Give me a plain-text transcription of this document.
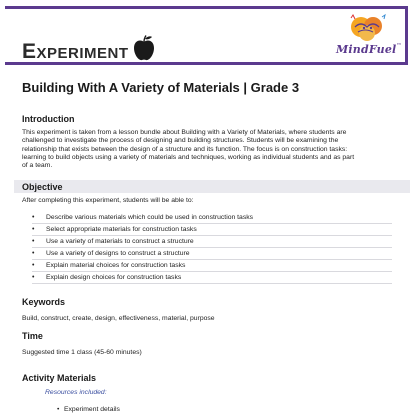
EXPERIMENT	MindFuel™
Building With A Variety of Materials | Grade 3
Introduction
This experiment is taken from a lesson bundle about Building with a Variety of Materials, where students are
challenged to investigate the process of designing and building structures. Students will be examining the
relationship that exists between the design of a structure and its function. The focus is on construction tasks:
learning to build objects using a variety of materials and techniques, working as individual students and as part
of a team.
Objective
After completing this experiment, students will be able to:
• Describe various materials which could be used in construction tasks
• Select appropriate materials for construction tasks
• Use a variety of materials to construct a structure
• Use a variety of designs to construct a structure
• Explain material choices for construction tasks
• Explain design choices for construction tasks
Keywords
Build, construct, create, design, effectiveness, material, purpose
Time
Suggested time 1 class (45-60 minutes)
Activity Materials
Resources included:
• Experiment details
